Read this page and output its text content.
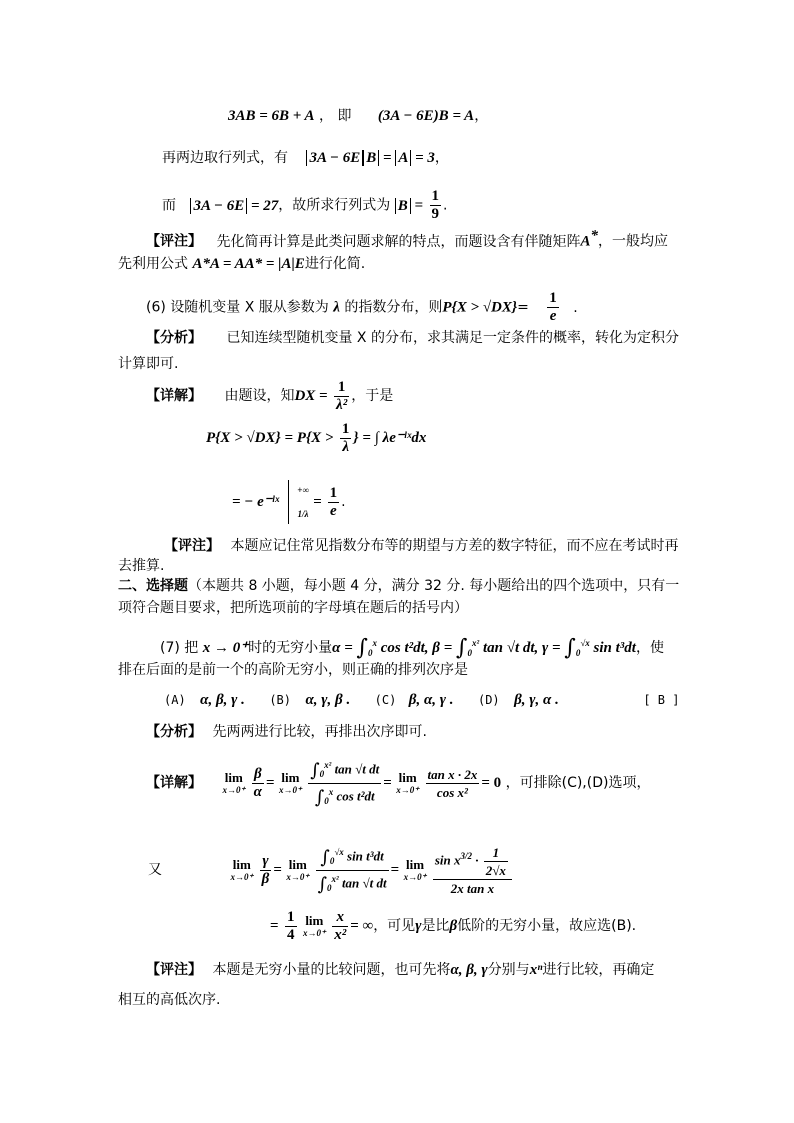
3AB = 6B + A ， 即 (3A − 6E)B = A，
再两边取行列式，有 3A − 6E B = A = 3，
而 3A − 6E = 27，故所求行列式为 $B = \frac{1}{9}$ .
【评注】 先化简再计算是此类问题求解的特点，而题设含有伴随矩阵A*，一般均应
先利用公式 A*A = AA* = |A|E进行化简.
(6) 设随机变量 X 服从参数为 λ 的指数分布，则$P\{X > √DX\}= \frac{1}{e}$ .
【分析】 已知连续型随机变量 X 的分布，求其满足一定条件的概率，转化为定积分
计算即可.
【详解】 由题设，知DX = $\frac{1}{\text{λ²}}$ ，于是
$P\{X > √DX\} = P\{X > \frac{1}{\lambda}$ } = ∫ λe⁻ˡˣdx
= − e⁻ˡˣ  +∞

$1/\lambda = \frac{1}{e}$ .
【评注】 本题应记住常见指数分布等的期望与方差的数字特征，而不应在考试时再
去推算.
二、选择题（本题共 8 小题，每小题 4 分，满分 32 分. 每小题给出的四个选项中，只有一
项符合题目要求，把所选项前的字母填在题后的括号内）
(7) 把 x → 0⁺时的无穷小量$\alpha = \int_0^x$ cos t²dt, $\beta = \int_0^{x^2}$ tan √t dt, $\gamma = \int_0^{√x}$ sin t³dt，使
排在后面的是前一个的高阶无穷小，则正确的排列次序是
(A) α, β, γ . (B) α, γ, β . (C) β, α, γ . (D) β, γ, α .	[ B ]
【分析】 先两两进行比较，再排出次序即可.
【详解】 lim
x→0⁺
$\frac{\beta}{\alpha} = \lim$
x→0⁺
$\frac{\int_0^{x^2} \tan √t dt}{\int_0^x \cos t^2dt} = \lim$
x→0⁺
$\frac{\text{tan x · 2x}}{\text{cos x²}} = 0$ ，可排除(C),(D)选项，
又	lim
x→0⁺
$\frac{\gamma}{\beta} = \lim$
x→0⁺
$\frac{\int_0^{√x} \sin t^3dt}{\int_0^{x^2} \tan √t dt} = \lim$
x→0⁺
$\frac{\sin x^{3/2} \cdot \frac{1}{2√x}}{\text{2x tan x}}$
= $\frac{1}{4}$
lim
x→0⁺
$\frac{x}{\text{x²}}$ = ∞，可见γ是比β低阶的无穷小量，故应选(B).
【评注】 本题是无穷小量的比较问题，也可先将α, β, γ分别与xⁿ进行比较，再确定
相互的高低次序.
